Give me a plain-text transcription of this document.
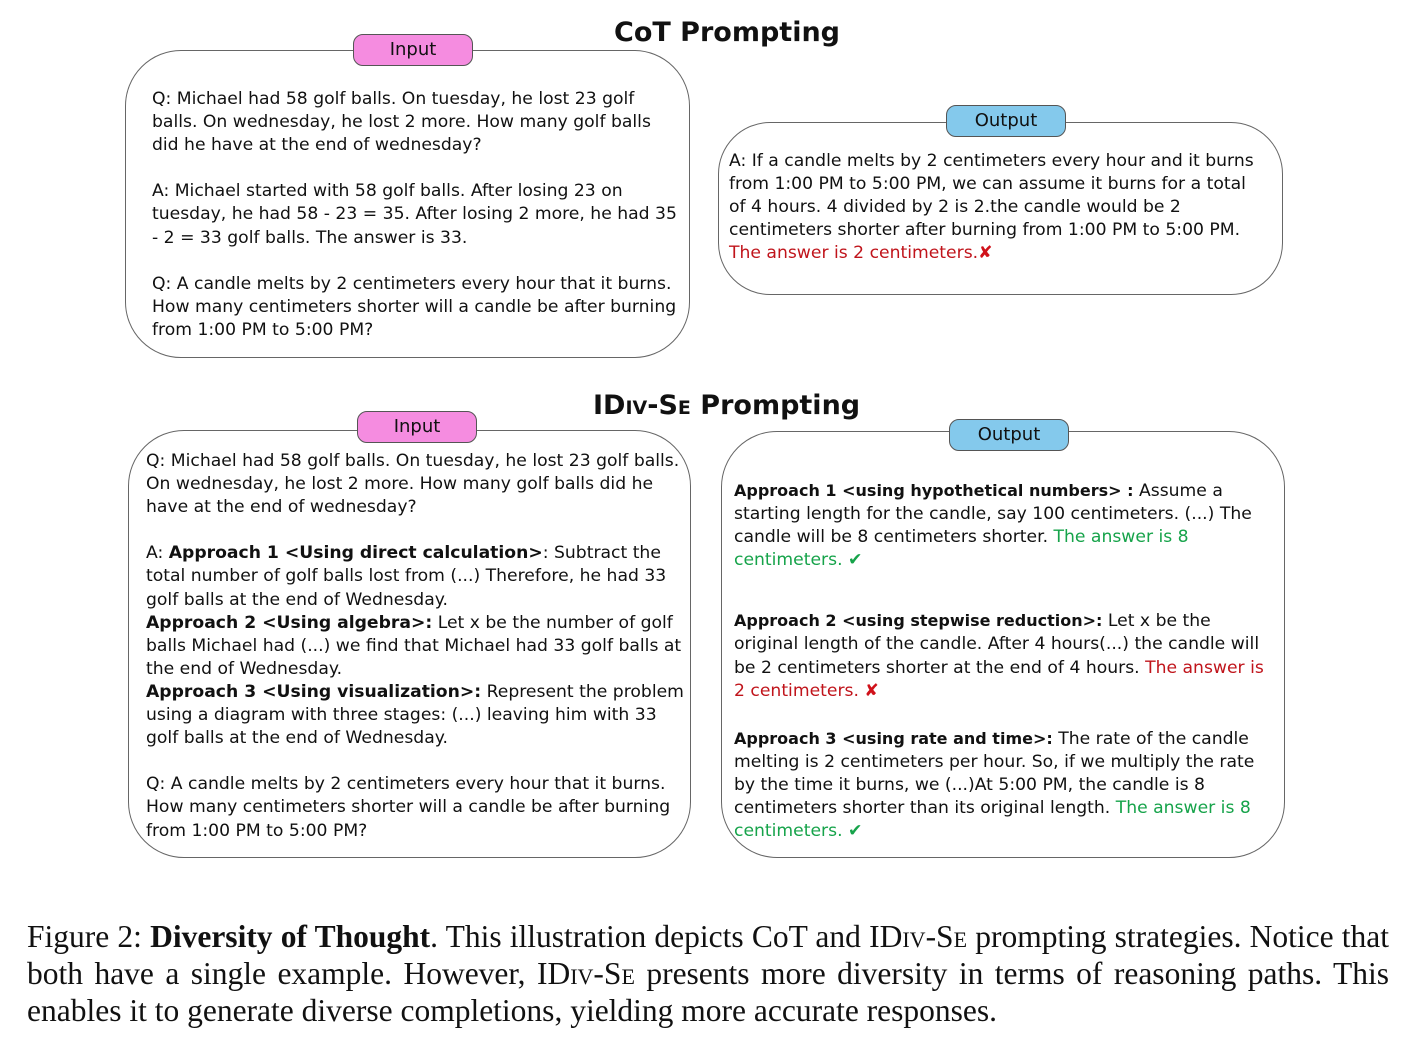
CoT Prompting
Input

Q: Michael had 58 golf balls. On tuesday, he lost 23 golf balls. On wednesday, he lost 2 more. How many golf balls did he have at the end of wednesday?

A: Michael started with 58 golf balls. After losing 23 on tuesday, he had 58 - 23 = 35. After losing 2 more, he had 35 - 2 = 33 golf balls. The answer is 33.

Q: A candle melts by 2 centimeters every hour that it burns. How many centimeters shorter will a candle be after burning from 1:00 PM to 5:00 PM?

Output

A: If a candle melts by 2 centimeters every hour and it burns from 1:00 PM to 5:00 PM, we can assume it burns for a total of 4 hours. 4 divided by 2 is 2.the candle would be 2 centimeters shorter after burning from 1:00 PM to 5:00 PM. The answer is 2 centimeters.✘

IDiv-Se Prompting
Input

Q: Michael had 58 golf balls. On tuesday, he lost 23 golf balls. On wednesday, he lost 2 more. How many golf balls did he have at the end of wednesday?

A: Approach 1 <Using direct calculation>: Subtract the total number of golf balls lost from (...) Therefore, he had 33 golf balls at the end of Wednesday.

Approach 2 <Using algebra>: Let x be the number of golf balls Michael had (...) we find that Michael had 33 golf balls at the end of Wednesday.

Approach 3 <Using visualization>: Represent the problem using a diagram with three stages: (...) leaving him with 33 golf balls at the end of Wednesday.

Q: A candle melts by 2 centimeters every hour that it burns. How many centimeters shorter will a candle be after burning from 1:00 PM to 5:00 PM?

Output

Approach 1 <using hypothetical numbers> : Assume a starting length for the candle, say 100 centimeters. (...) The candle will be 8 centimeters shorter. The answer is 8 centimeters. ✔

Approach 2 <using stepwise reduction>: Let x be the original length of the candle. After 4 hours(...) the candle will be 2 centimeters shorter at the end of 4 hours. The answer is 2 centimeters. ✘

Approach 3 <using rate and time>: The rate of the candle melting is 2 centimeters per hour. So, if we multiply the rate by the time it burns, we (...)At 5:00 PM, the candle is 8 centimeters shorter than its original length. The answer is 8 centimeters. ✔

Figure 2: Diversity of Thought. This illustration depicts CoT and IDiv-Se prompting strategies. Notice that both have a single example. However, IDiv-Se presents more diversity in terms of reasoning paths. This enables it to generate diverse completions, yielding more accurate responses.
